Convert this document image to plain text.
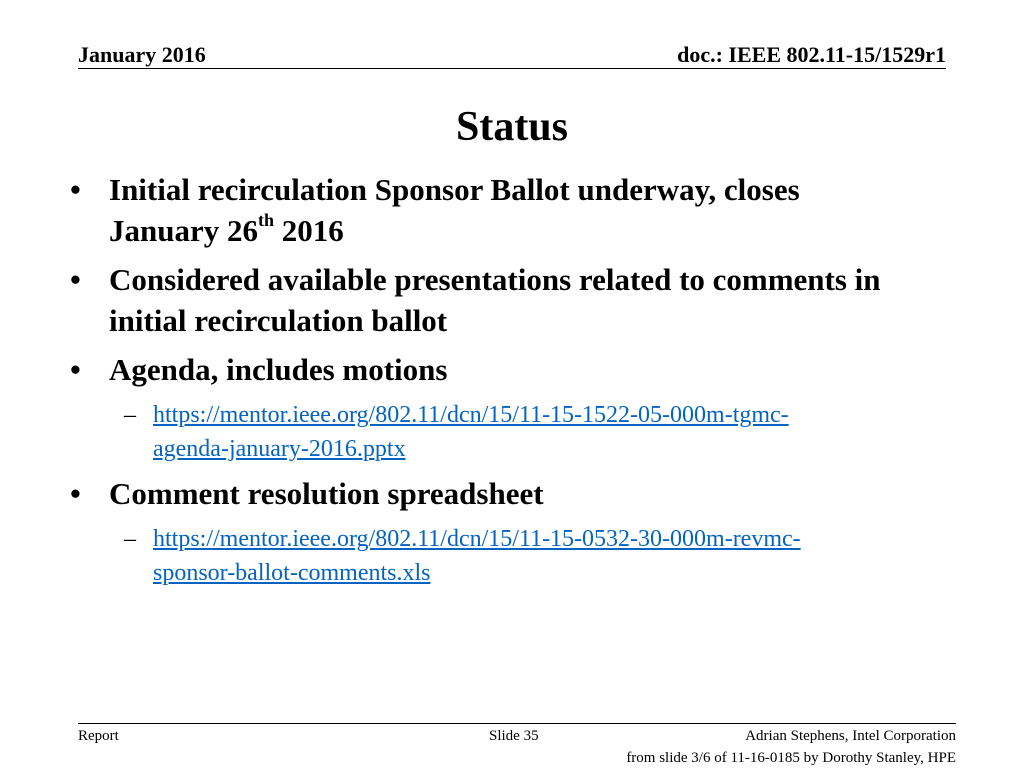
January 2016	doc.: IEEE 802.11-15/1529r1
Status
• Initial recirculation Sponsor Ballot underway, closes
January 26th 2016
• Considered available presentations related to comments in
initial recirculation ballot
• Agenda, includes motions
– https://mentor.ieee.org/802.11/dcn/15/11-15-1522-05-000m-tgmc-
agenda-january-2016.pptx
• Comment resolution spreadsheet
– https://mentor.ieee.org/802.11/dcn/15/11-15-0532-30-000m-revmc-
sponsor-ballot-comments.xls
Report	Slide 35	Adrian Stephens, Intel Corporation
from slide 3/6 of 11-16-0185 by Dorothy Stanley, HPE
